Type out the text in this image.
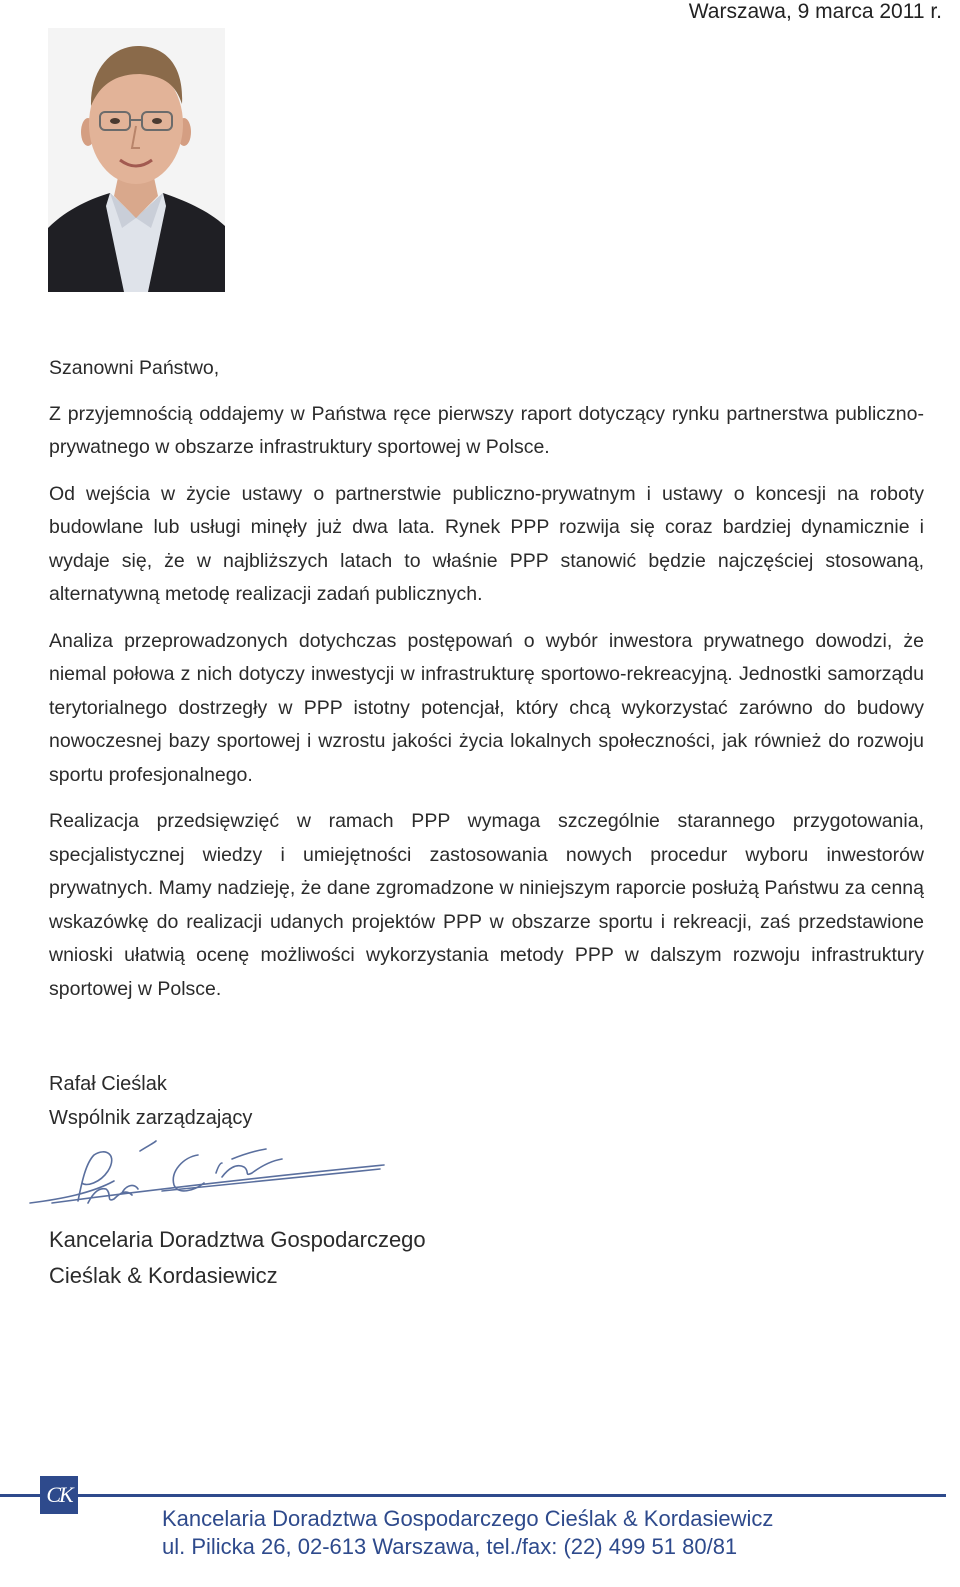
Warszawa, 9 marca 2011 r.

Szanowni Państwo,

Z przyjemnością oddajemy w Państwa ręce pierwszy raport dotyczący rynku partnerstwa publiczno-prywatnego w obszarze infrastruktury sportowej w Polsce.

Od wejścia w życie ustawy o partnerstwie publiczno-prywatnym i ustawy o koncesji na roboty budowlane lub usługi minęły już dwa lata. Rynek PPP rozwija się coraz bardziej dynamicznie i wydaje się, że w najbliższych latach to właśnie PPP stanowić będzie najczęściej stosowaną, alternatywną metodę realizacji zadań publicznych.

Analiza przeprowadzonych dotychczas postępowań o wybór inwestora prywatnego dowodzi, że niemal połowa z nich dotyczy inwestycji w infrastrukturę sportowo-rekreacyjną. Jednostki samorządu terytorialnego dostrzegły w PPP istotny potencjał, który chcą wykorzystać zarówno do budowy nowoczesnej bazy sportowej i wzrostu jakości życia lokalnych społeczności, jak również do rozwoju sportu profesjonalnego.

Realizacja przedsięwzięć w ramach PPP wymaga szczególnie starannego przygotowania, specjalistycznej wiedzy i umiejętności zastosowania nowych procedur wyboru inwestorów prywatnych. Mamy nadzieję, że dane zgromadzone w niniejszym raporcie posłużą Państwu za cenną wskazówkę do realizacji udanych projektów PPP w obszarze sportu i rekreacji, zaś przedstawione wnioski ułatwią ocenę możliwości wykorzystania metody PPP w dalszym rozwoju infrastruktury sportowej w Polsce.

Rafał Cieślak
Wspólnik zarządzający
Kancelaria Doradztwa Gospodarczego
Cieślak & Kordasiewicz
CK
Kancelaria Doradztwa Gospodarczego Cieślak & Kordasiewicz
ul. Pilicka 26, 02-613 Warszawa, tel./fax: (22) 499 51 80/81
